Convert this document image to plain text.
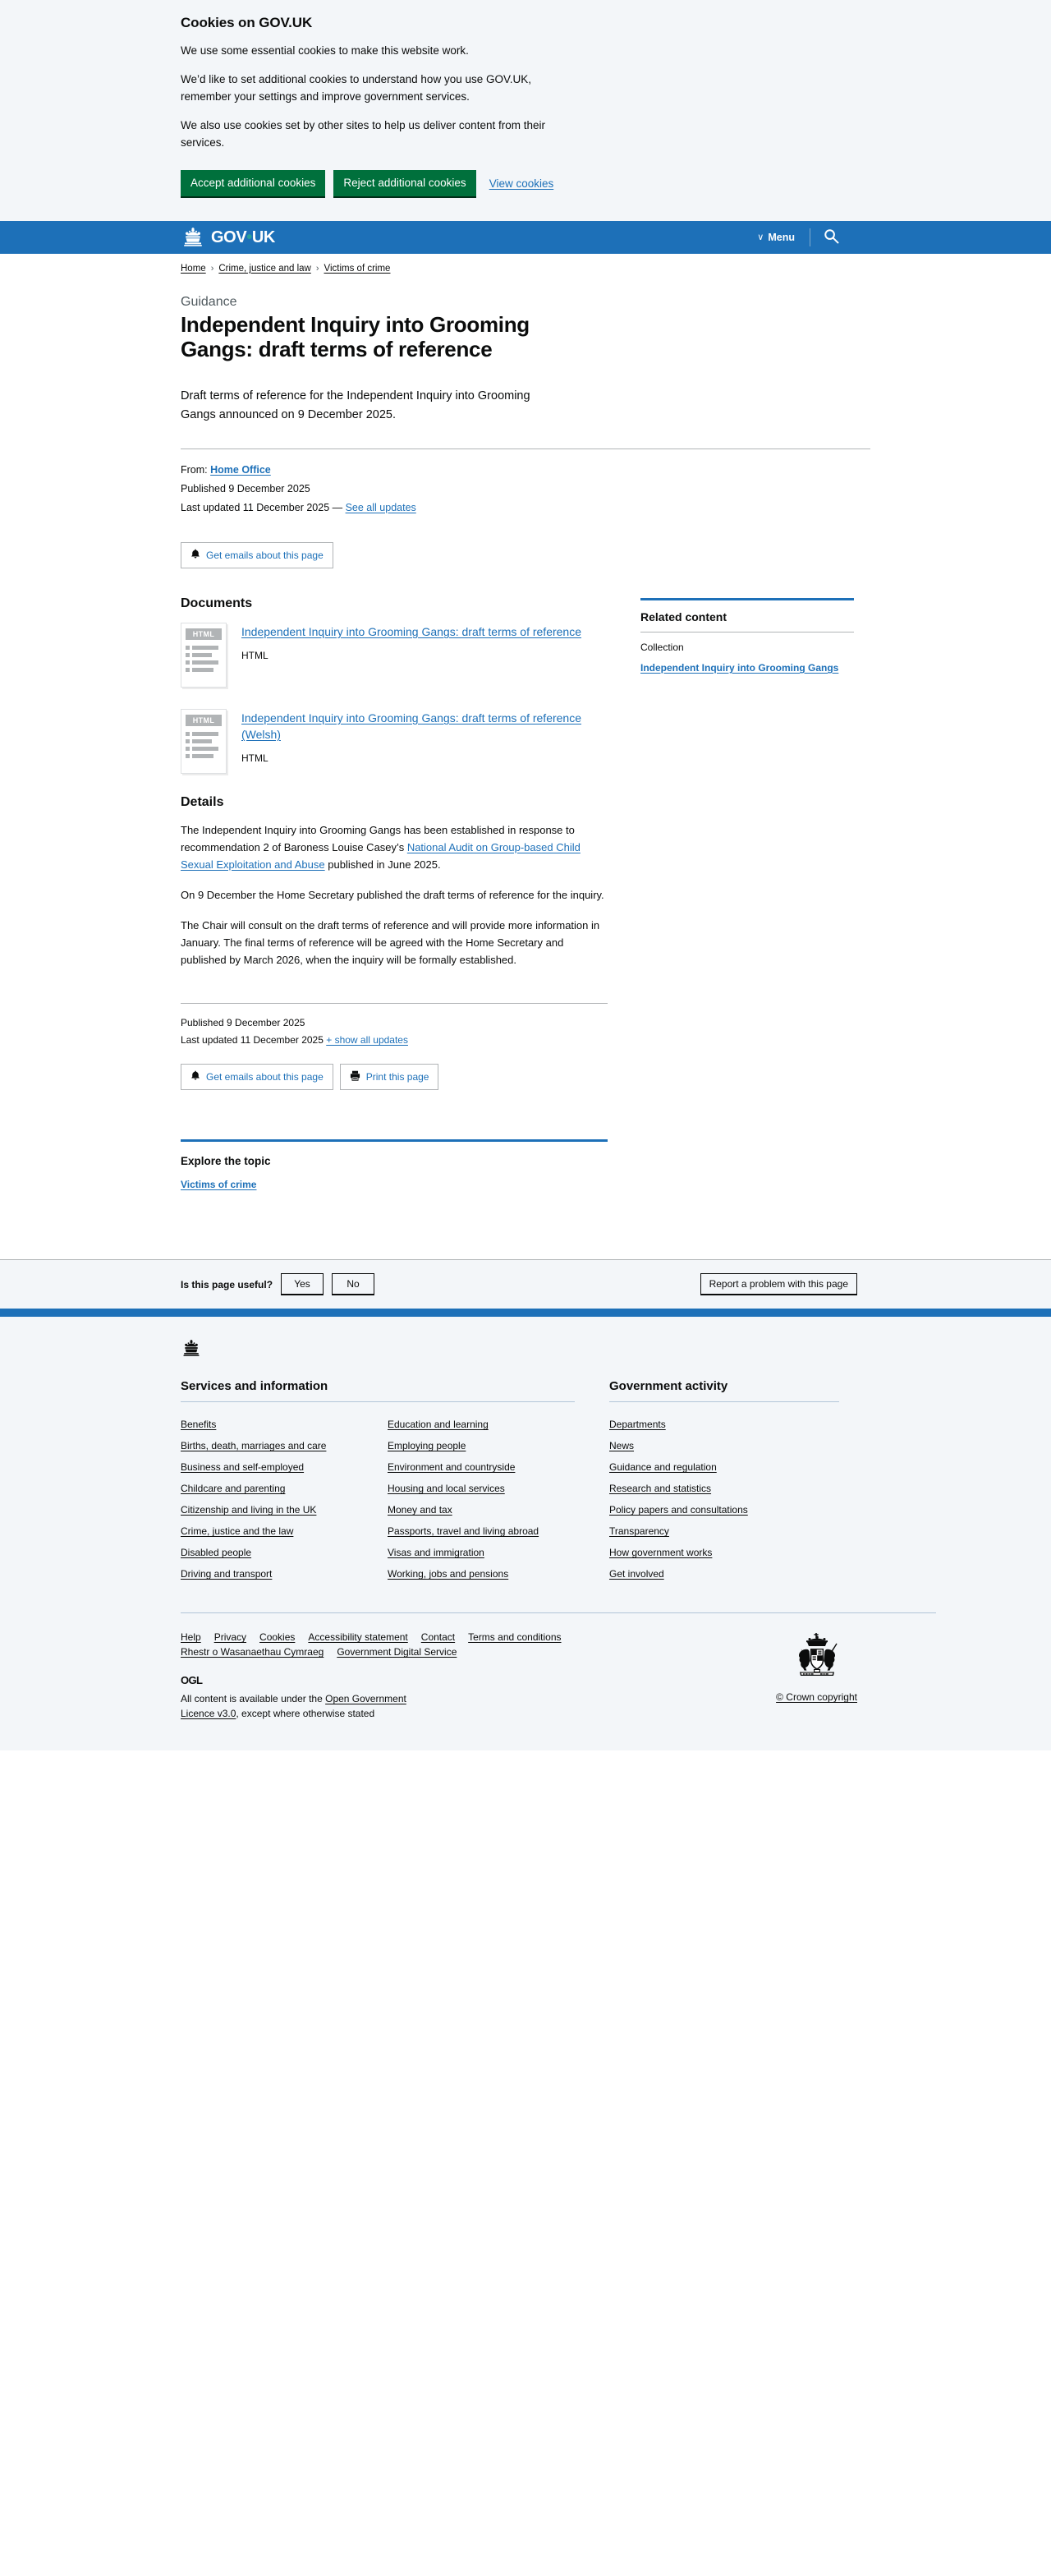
Cookies on GOV.UK

We use some essential cookies to make this website work.

We’d like to set additional cookies to understand how you use GOV.UK, remember your settings and improve government services.

We also use cookies set by other sites to help us deliver content from their services.

Accept additional cookies	Reject additional cookies	View cookies
GOV•UK	∨ Menu
Home › Crime, justice and law › Victims of crime

Guidance

Independent Inquiry into Grooming Gangs: draft terms of reference

Draft terms of reference for the Independent Inquiry into Grooming Gangs announced on 9 December 2025.

From: Home Office
Published 9 December 2025
Last updated 11 December 2025 — See all updates
Get emails about this page
Documents
HTML	Independent Inquiry into Grooming Gangs: draft terms of reference
HTML
HTML	Independent Inquiry into Grooming Gangs: draft terms of reference (Welsh)
HTML
Details

The Independent Inquiry into Grooming Gangs has been established in response to recommendation 2 of Baroness Louise Casey’s National Audit on Group-based Child Sexual Exploitation and Abuse published in June 2025.

On 9 December the Home Secretary published the draft terms of reference for the inquiry.

The Chair will consult on the draft terms of reference and will provide more information in January. The final terms of reference will be agreed with the Home Secretary and published by March 2026, when the inquiry will be formally established.

Related content

Collection

Independent Inquiry into Grooming Gangs
Published 9 December 2025
Last updated 11 December 2025 + show all updates
Get emails about this page	Print this page
Explore the topic
Victims of crime
Is this page useful?	Yes	No	Report a problem with this page
Services and information
Benefits	Education and learning
Births, death, marriages and care	Employing people
Business and self-employed	Environment and countryside
Childcare and parenting	Housing and local services
Citizenship and living in the UK	Money and tax
Crime, justice and the law	Passports, travel and living abroad
Disabled people	Visas and immigration
Driving and transport	Working, jobs and pensions
Government activity
Departments
News
Guidance and regulation
Research and statistics
Policy papers and consultations
Transparency
How government works
Get involved
Help Privacy Cookies Accessibility statement Contact Terms and conditions
Rhestr o Wasanaethau Cymraeg Government Digital Service
OGL
All content is available under the Open Government Licence v3.0, except where otherwise stated
© Crown copyright
